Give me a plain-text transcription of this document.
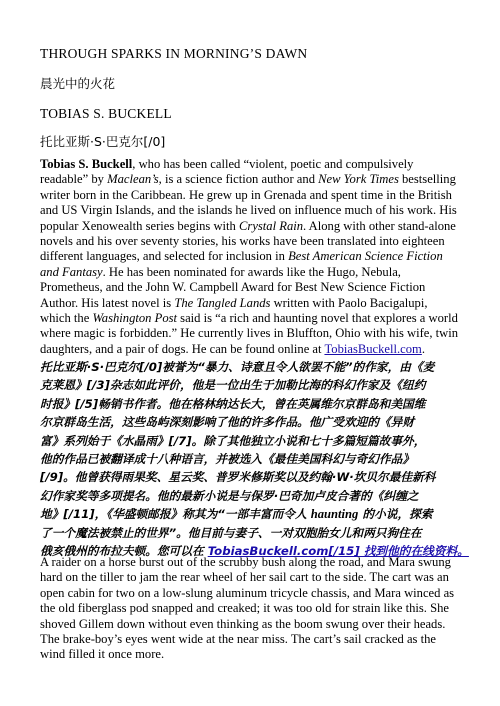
THROUGH SPARKS IN MORNING’S DAWN

晨光中的火花

TOBIAS S. BUCKELL

托比亚斯·S·巴克尔[/0]

Tobias S. Buckell, who has been called “violent, poetic and compulsively
readable” by Maclean’s, is a science fiction author and New York Times bestselling
writer born in the Caribbean. He grew up in Grenada and spent time in the British
and US Virgin Islands, and the islands he lived on influence much of his work. His
popular Xenowealth series begins with Crystal Rain. Along with other stand-alone
novels and his over seventy stories, his works have been translated into eighteen
different languages, and selected for inclusion in Best American Science Fiction
and Fantasy. He has been nominated for awards like the Hugo, Nebula,
Prometheus, and the John W. Campbell Award for Best New Science Fiction
Author. His latest novel is The Tangled Lands written with Paolo Bacigalupi,
which the Washington Post said is “a rich and haunting novel that explores a world
where magic is forbidden.” He currently lives in Bluffton, Ohio with his wife, twin
daughters, and a pair of dogs. He can be found online at TobiasBuckell.com.
托比亚斯·S·巴克尔[/0]被誉为“暴力、诗意且令人欲罢不能”的作家，由《麦
克莱恩》[/3]杂志如此评价，他是一位出生于加勒比海的科幻作家及《纽约
时报》[/5]畅销书作者。他在格林纳达长大，曾在英属维尔京群岛和美国维
尔京群岛生活，这些岛屿深刻影响了他的许多作品。他广受欢迎的《异财
富》系列始于《水晶雨》[/7]。除了其他独立小说和七十多篇短篇故事外，
他的作品已被翻译成十八种语言，并被选入《最佳美国科幻与奇幻作品》
[/9]。他曾获得雨果奖、星云奖、普罗米修斯奖以及约翰·W·坎贝尔最佳新科
幻作家奖等多项提名。他的最新小说是与保罗·巴奇加卢皮合著的《纠缠之
地》[/11]，《华盛顿邮报》称其为“一部丰富而令人 haunting 的小说，探索
了一个魔法被禁止的世界”。他目前与妻子、一对双胞胎女儿和两只狗住在
俄亥俄州的布拉夫顿。您可以在 TobiasBuckell.com[/15] 找到他的在线资料。
A raider on a horse burst out of the scrubby bush along the road, and Mara swung
hard on the tiller to jam the rear wheel of her sail cart to the side. The cart was an
open cabin for two on a low-slung aluminum tricycle chassis, and Mara winced as
the old fiberglass pod snapped and creaked; it was too old for strain like this. She
shoved Gillem down without even thinking as the boom swung over their heads.
The brake-boy’s eyes went wide at the near miss. The cart’s sail cracked as the
wind filled it once more.
